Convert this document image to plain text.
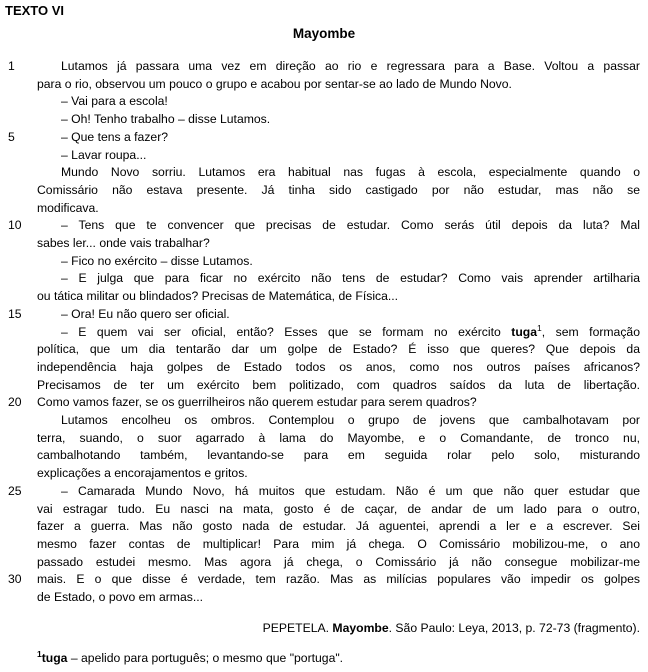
TEXTO VI
Mayombe
1	Lutamos já passara uma vez em direção ao rio e regressara para a Base. Voltou a passar
para o rio, observou um pouco o grupo e acabou por sentar-se ao lado de Mundo Novo.
– Vai para a escola!
– Oh! Tenho trabalho – disse Lutamos.
5	– Que tens a fazer?
– Lavar roupa...
Mundo Novo sorriu. Lutamos era habitual nas fugas à escola, especialmente quando o
Comissário não estava presente. Já tinha sido castigado por não estudar, mas não se
modificava.
10	– Tens que te convencer que precisas de estudar. Como serás útil depois da luta? Mal
sabes ler... onde vais trabalhar?
– Fico no exército – disse Lutamos.
– E julga que para ficar no exército não tens de estudar? Como vais aprender artilharia
ou tática militar ou blindados? Precisas de Matemática, de Física...
15	– Ora! Eu não quero ser oficial.
– E quem vai ser oficial, então? Esses que se formam no exército tuga$^1$, sem formação
política, que um dia tentarão dar um golpe de Estado? É isso que queres? Que depois da
independência haja golpes de Estado todos os anos, como nos outros países africanos?
Precisamos de ter um exército bem politizado, com quadros saídos da luta de libertação.
20	Como vamos fazer, se os guerrilheiros não querem estudar para serem quadros?
Lutamos encolheu os ombros. Contemplou o grupo de jovens que cambalhotavam por
terra, suando, o suor agarrado à lama do Mayombe, e o Comandante, de tronco nu,
cambalhotando também, levantando-se para em seguida rolar pelo solo, misturando
explicações a encorajamentos e gritos.
25	– Camarada Mundo Novo, há muitos que estudam. Não é um que não quer estudar que
vai estragar tudo. Eu nasci na mata, gosto é de caçar, de andar de um lado para o outro,
fazer a guerra. Mas não gosto nada de estudar. Já aguentei, aprendi a ler e a escrever. Sei
mesmo fazer contas de multiplicar! Para mim já chega. O Comissário mobilizou-me, o ano
passado estudei mesmo. Mas agora já chega, o Comissário já não consegue mobilizar-me
30	mais. E o que disse é verdade, tem razão. Mas as milícias populares vão impedir os golpes
de Estado, o povo em armas...
PEPETELA. Mayombe. São Paulo: Leya, 2013, p. 72-73 (fragmento).
$^1$tuga – apelido para português; o mesmo que "portuga".
